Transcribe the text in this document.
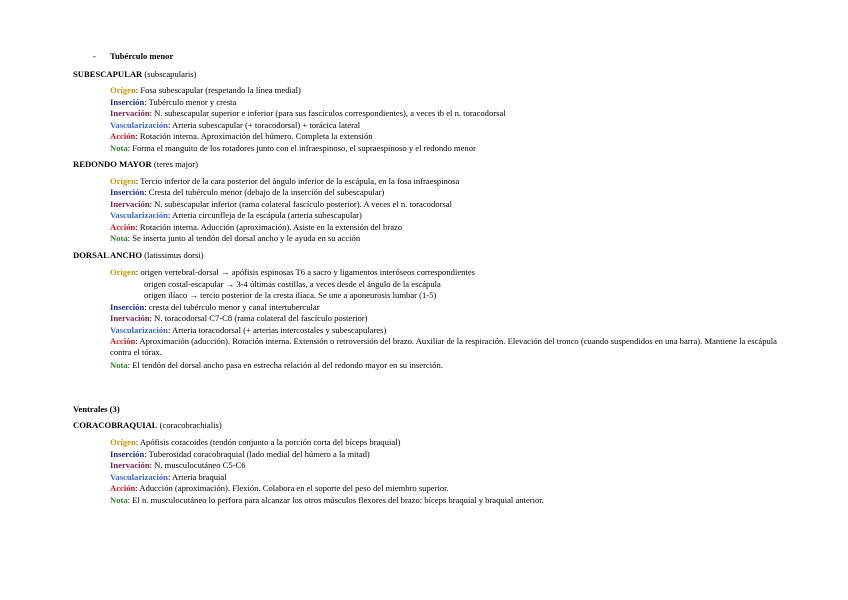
- Tubérculo menor
SUBESCAPULAR (subscapularis)
Origen: Fosa subescapular (respetando la línea medial)
Inserción: Tubérculo menor y cresta
Inervación: N. subescapular superior e inferior (para sus fascículos correspondientes), a veces tb el n. toracodorsal
Vascularización: Arteria subescapular (+ toracodorsal) + torácica lateral
Acción: Rotación interna. Aproximación del húmero. Completa la extensión
Nota: Forma el manguito de los rotadores junto con el infraespinoso, el supraespinoso y el redondo menor
REDONDO MAYOR (teres major)
Origen: Tercio inferior de la cara posterior del ángulo inferior de la escápula, en la fosa infraespinosa
Inserción: Cresta del tubérculo menor (debajo de la inserción del subescapular)
Inervación: N. subescapular inferior (rama colateral fascículo posterior). A veces el n. toracodorsal
Vascularización: Arteria circunfleja de la escápula (arteria subescapular)
Acción: Rotación interna. Aducción (aproximación). Asiste en la extensión del brazo
Nota: Se inserta junto al tendón del dorsal ancho y le ayuda en su acción
DORSAL ANCHO (latissimus dorsi)
Origen: origen vertebral-dorsal → apófisis espinosas T6 a sacro y ligamentos interóseos correspondientes
origen costal-escapular → 3-4 últimas costillas, a veces desde el ángulo de la escápula
origen ilíaco → tercio posterior de la cresta ilíaca. Se une a aponeurosis lumbar (1-5)
Inserción: cresta del tubérculo menor y canal intertubercular
Inervación: N. toracodorsal C7-C8 (rama colateral del fascículo posterior)
Vascularización: Arteria toracodorsal (+ arterias intercostales y subescapulares)
Acción: Aproximación (aducción). Rotación interna. Extensión o retroversión del brazo. Auxiliar de la respiración. Elevación del tronco (cuando suspendidos en una barra). Mantiene la escápula contra el tórax.
Nota: El tendón del dorsal ancho pasa en estrecha relación al del redondo mayor en su inserción.
Ventrales (3)
CORACOBRAQUIAL (coracobrachialis)
Origen: Apófisis coracoides (tendón conjunto a la porción corta del bíceps braquial)
Inserción: Tuberosidad coracobraquial (lado medial del húmero a la mitad)
Inervación: N. musculocutáneo C5-C6
Vascularización: Arteria braquial
Acción: Aducción (aproximación). Flexión. Colabora en el soporte del peso del miembro superior.
Nota: El n. musculocutáneo lo perfora para alcanzar los otros músculos flexores del brazo: bíceps braquial y braquial anterior.
